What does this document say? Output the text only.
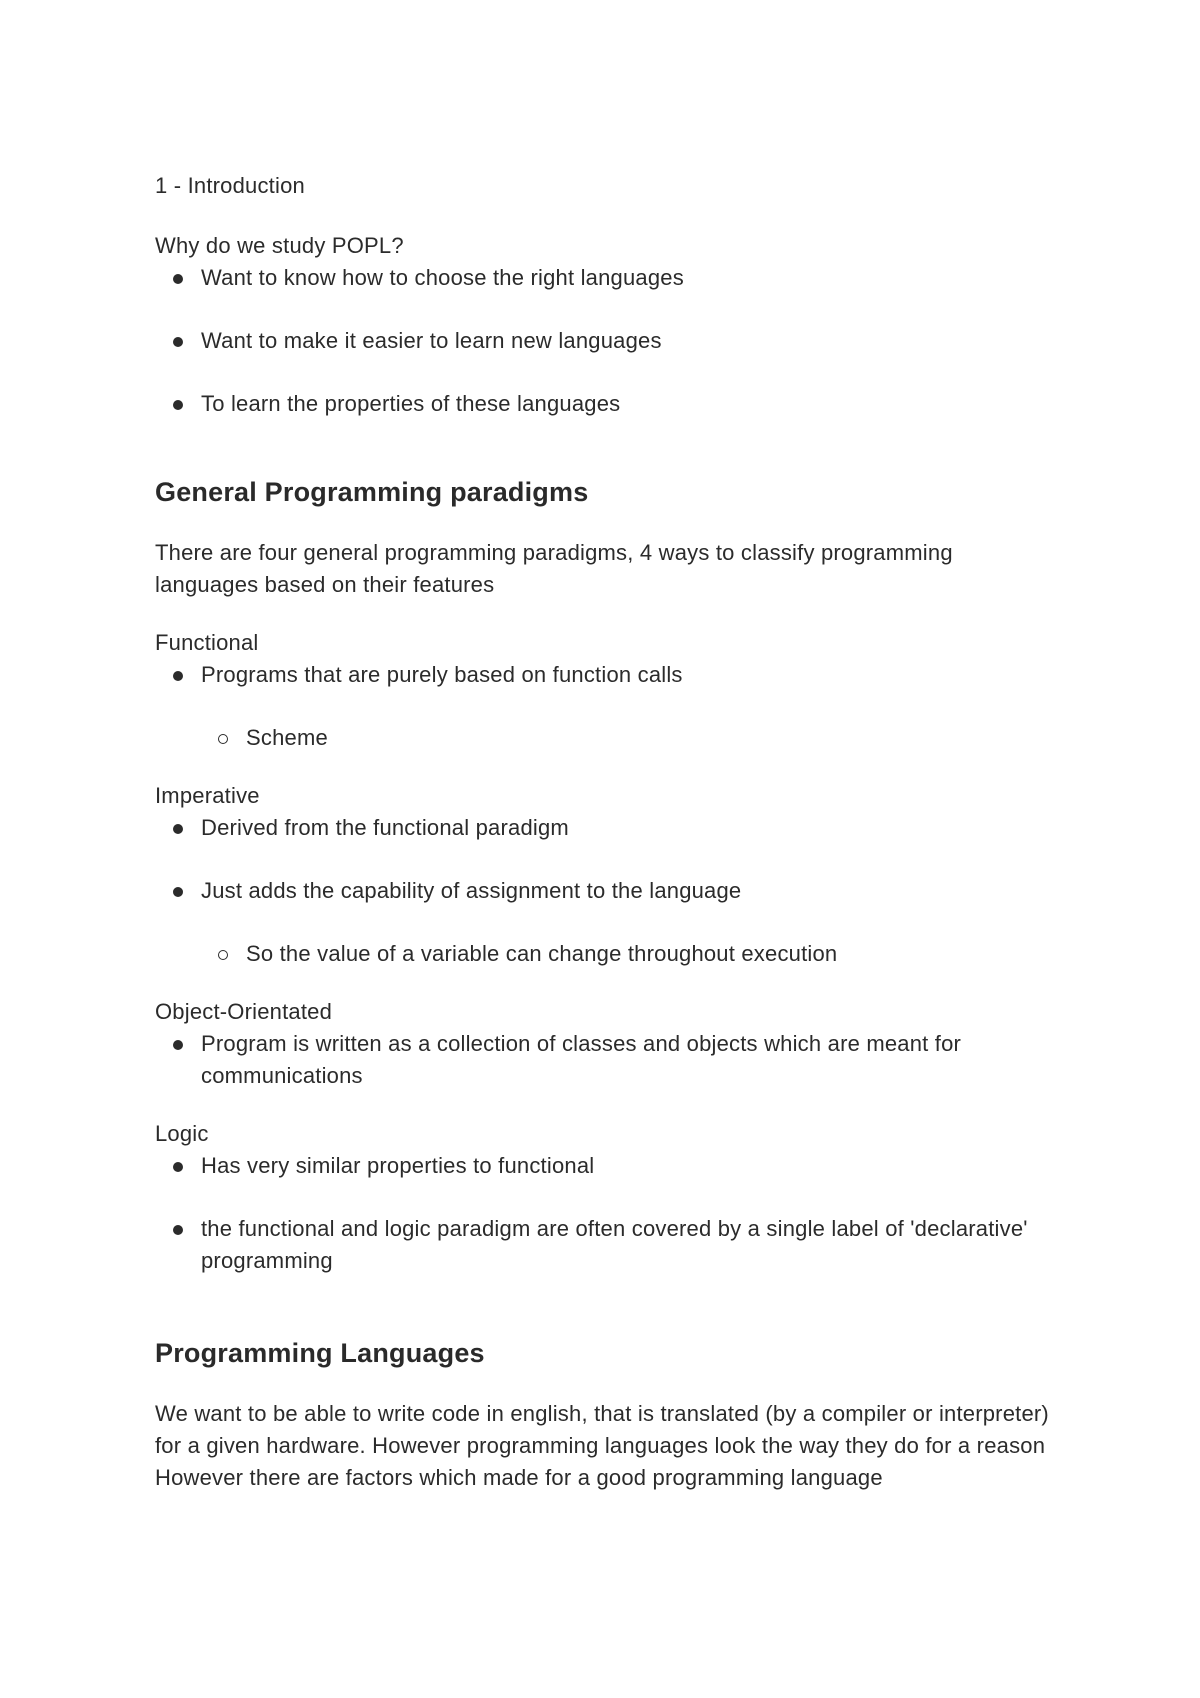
1 - Introduction

Why do we study POPL?

Want to know how to choose the right languages
Want to make it easier to learn new languages
To learn the properties of these languages
General Programming paradigms

There are four general programming paradigms, 4 ways to classify programming languages based on their features

Functional

Programs that are purely based on function calls
Scheme

Imperative

Derived from the functional paradigm
Just adds the capability of assignment to the language
So the value of a variable can change throughout execution

Object-Orientated

Program is written as a collection of classes and objects which are meant for communications

Logic

Has very similar properties to functional
the functional and logic paradigm are often covered by a single label of 'declarative' programming
Programming Languages

We want to be able to write code in english, that is translated (by a compiler or interpreter) for a given hardware. However programming languages look the way they do for a reason

However there are factors which made for a good programming language
